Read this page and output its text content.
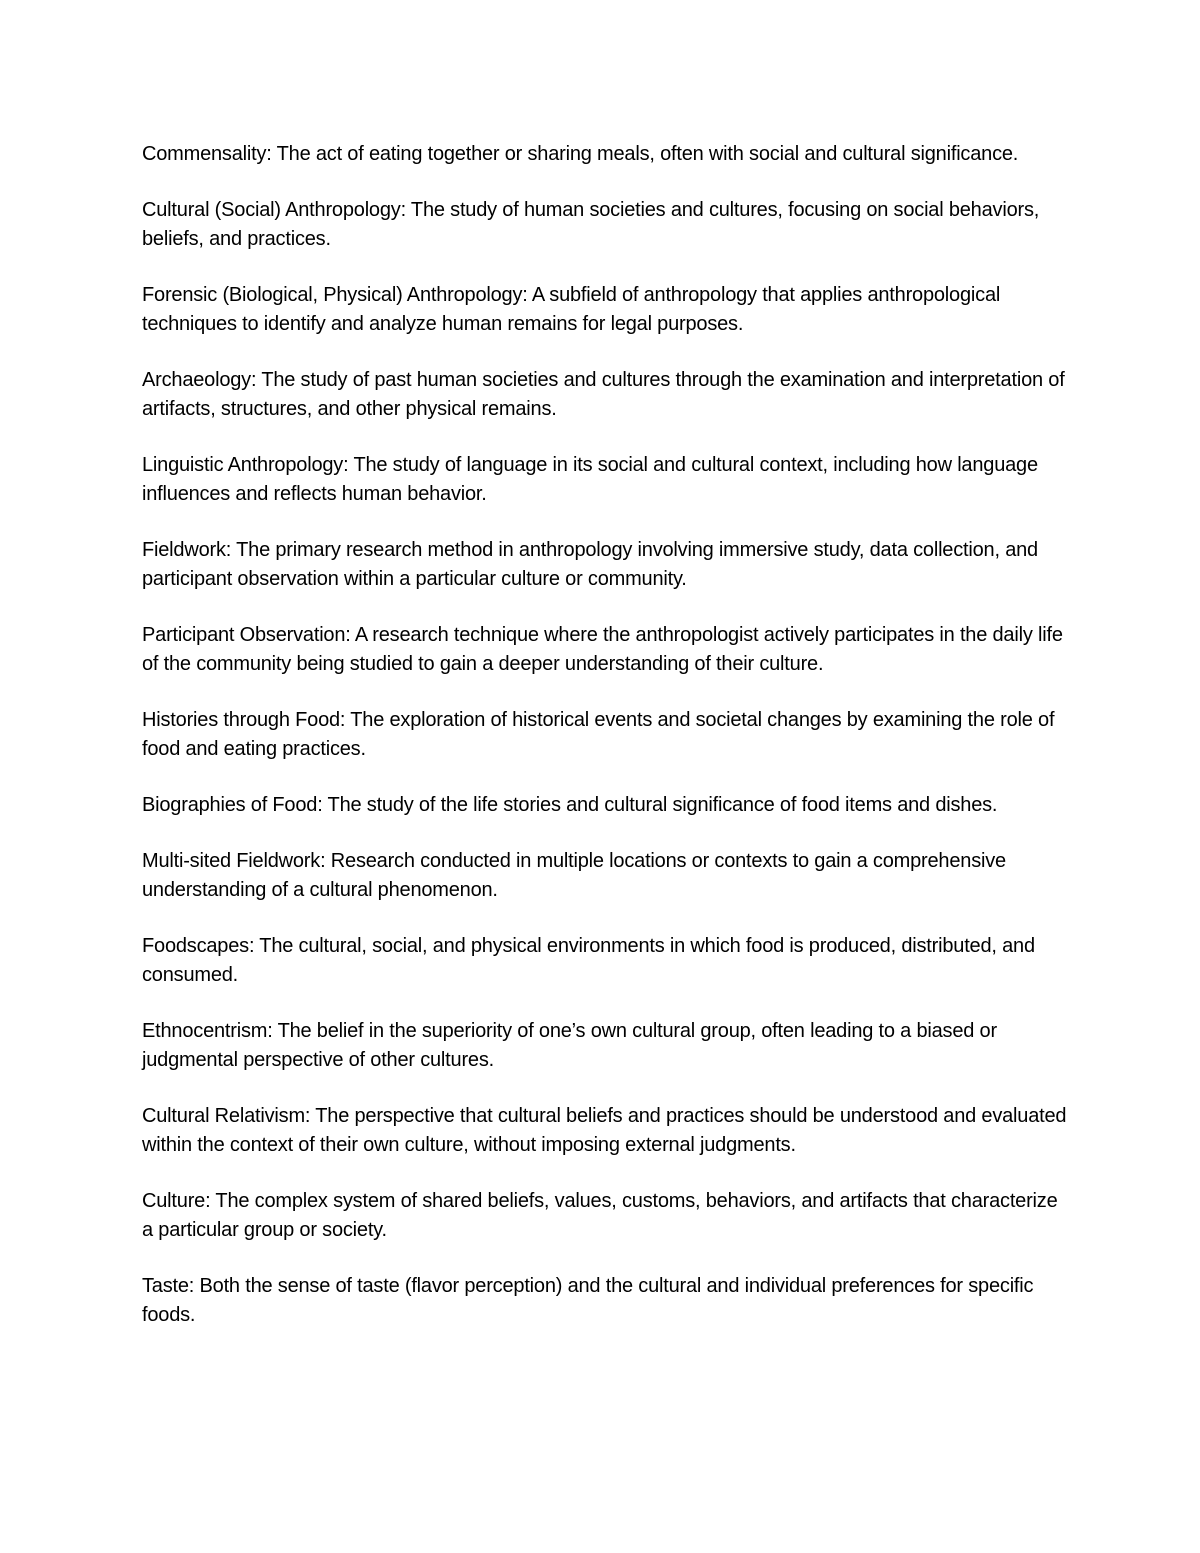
Commensality: The act of eating together or sharing meals, often with social and cultural significance.

Cultural (Social) Anthropology: The study of human societies and cultures, focusing on social behaviors, beliefs, and practices.

Forensic (Biological, Physical) Anthropology: A subfield of anthropology that applies anthropological techniques to identify and analyze human remains for legal purposes.

Archaeology: The study of past human societies and cultures through the examination and interpretation of artifacts, structures, and other physical remains.

Linguistic Anthropology: The study of language in its social and cultural context, including how language influences and reflects human behavior.

Fieldwork: The primary research method in anthropology involving immersive study, data collection, and participant observation within a particular culture or community.

Participant Observation: A research technique where the anthropologist actively participates in the daily life of the community being studied to gain a deeper understanding of their culture.

Histories through Food: The exploration of historical events and societal changes by examining the role of food and eating practices.

Biographies of Food: The study of the life stories and cultural significance of food items and dishes.

Multi-sited Fieldwork: Research conducted in multiple locations or contexts to gain a comprehensive understanding of a cultural phenomenon.

Foodscapes: The cultural, social, and physical environments in which food is produced, distributed, and consumed.

Ethnocentrism: The belief in the superiority of one’s own cultural group, often leading to a biased or judgmental perspective of other cultures.

Cultural Relativism: The perspective that cultural beliefs and practices should be understood and evaluated within the context of their own culture, without imposing external judgments.

Culture: The complex system of shared beliefs, values, customs, behaviors, and artifacts that characterize a particular group or society.

Taste: Both the sense of taste (flavor perception) and the cultural and individual preferences for specific foods.
